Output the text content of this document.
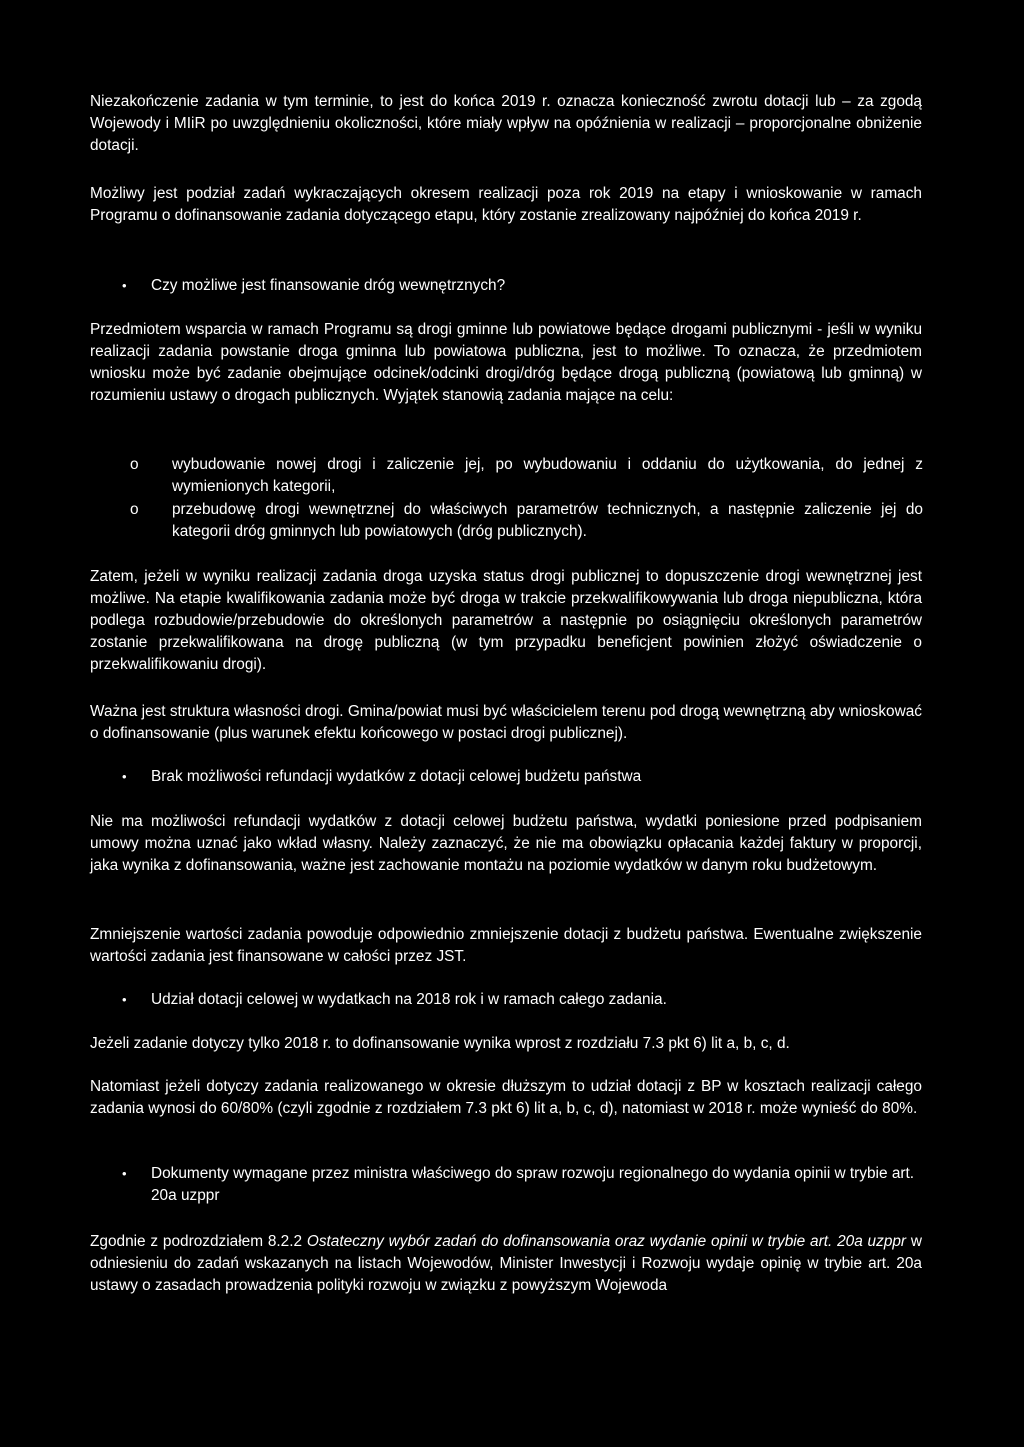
Niezakończenie zadania w tym terminie, to jest do końca 2019 r. oznacza konieczność zwrotu dotacji lub – za zgodą Wojewody i MIiR po uwzględnieniu okoliczności, które miały wpływ na opóźnienia w realizacji – proporcjonalne obniżenie dotacji.

Możliwy jest podział zadań wykraczających okresem realizacji poza rok 2019 na etapy i wnioskowanie w ramach Programu o dofinansowanie zadania dotyczącego etapu, który zostanie zrealizowany najpóźniej do końca 2019 r.

•

Czy możliwe jest finansowanie dróg wewnętrznych?

Przedmiotem wsparcia w ramach Programu są drogi gminne lub powiatowe będące drogami publicznymi - jeśli w wyniku realizacji zadania powstanie droga gminna lub powiatowa publiczna, jest to możliwe. To oznacza, że przedmiotem wniosku może być zadanie obejmujące odcinek/odcinki drogi/dróg będące drogą publiczną (powiatową lub gminną) w rozumieniu ustawy o drogach publicznych. Wyjątek stanowią zadania mające na celu:

o wybudowanie nowej drogi i zaliczenie jej, po wybudowaniu i oddaniu do użytkowania, do jednej z wymienionych kategorii,

o przebudowę drogi wewnętrznej do właściwych parametrów technicznych, a następnie zaliczenie jej do kategorii dróg gminnych lub powiatowych (dróg publicznych).

Zatem, jeżeli w wyniku realizacji zadania droga uzyska status drogi publicznej to dopuszczenie drogi wewnętrznej jest możliwe. Na etapie kwalifikowania zadania może być droga w trakcie przekwalifikowywania lub droga niepubliczna, która podlega rozbudowie/przebudowie do określonych parametrów a następnie po osiągnięciu określonych parametrów zostanie przekwalifikowana na drogę publiczną (w tym przypadku beneficjent powinien złożyć oświadczenie o przekwalifikowaniu drogi).

Ważna jest struktura własności drogi. Gmina/powiat musi być właścicielem terenu pod drogą wewnętrzną aby wnioskować o dofinansowanie (plus warunek efektu końcowego w postaci drogi publicznej).

•

Brak możliwości refundacji wydatków z dotacji celowej budżetu państwa

Nie ma możliwości refundacji wydatków z dotacji celowej budżetu państwa, wydatki poniesione przed podpisaniem umowy można uznać jako wkład własny. Należy zaznaczyć, że nie ma obowiązku opłacania każdej faktury w proporcji, jaka wynika z dofinansowania, ważne jest zachowanie montażu na poziomie wydatków w danym roku budżetowym.

Zmniejszenie wartości zadania powoduje odpowiednio zmniejszenie dotacji z budżetu państwa. Ewentualne zwiększenie wartości zadania jest finansowane w całości przez JST.

•

Udział dotacji celowej w wydatkach na 2018 rok i w ramach całego zadania.

Jeżeli zadanie dotyczy tylko 2018 r. to dofinansowanie wynika wprost z rozdziału 7.3 pkt 6) lit a, b, c, d.

Natomiast jeżeli dotyczy zadania realizowanego w okresie dłuższym to udział dotacji z BP w kosztach realizacji całego zadania wynosi do 60/80% (czyli zgodnie z rozdziałem 7.3 pkt 6) lit a, b, c, d), natomiast w 2018 r. może wynieść do 80%.

•

Dokumenty wymagane przez ministra właściwego do spraw rozwoju regionalnego do wydania opinii w trybie art. 20a uzppr

Zgodnie z podrozdziałem 8.2.2 Ostateczny wybór zadań do dofinansowania oraz wydanie opinii w trybie art. 20a uzppr w odniesieniu do zadań wskazanych na listach Wojewodów, Minister Inwestycji i Rozwoju wydaje opinię w trybie art. 20a ustawy o zasadach prowadzenia polityki rozwoju w związku z powyższym Wojewoda
